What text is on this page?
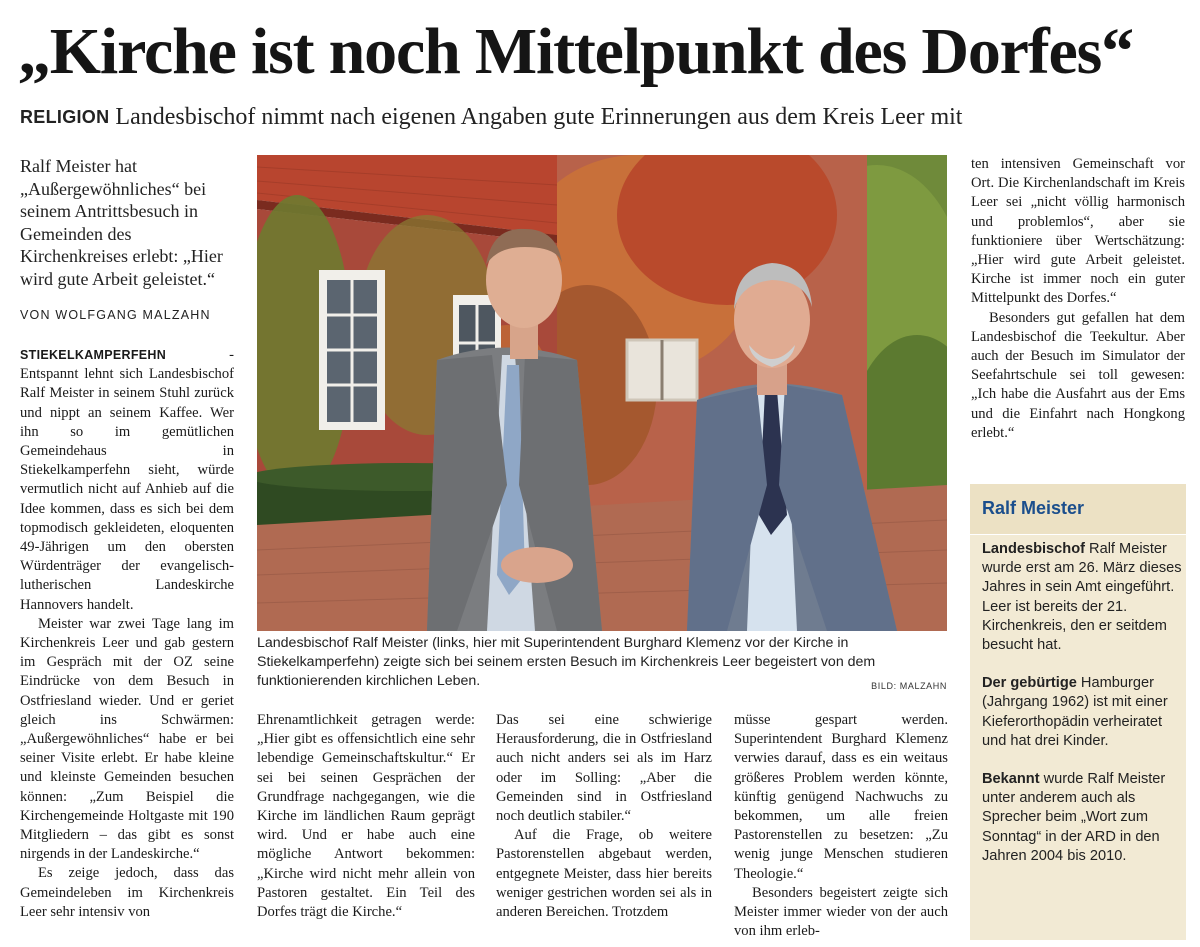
„Kirche ist noch Mittelpunkt des Dorfes“
RELIGION Landesbischof nimmt nach eigenen Angaben gute Erinnerungen aus dem Kreis Leer mit

Ralf Meister hat „Außergewöhnliches“ bei seinem Antrittsbesuch in Gemeinden des Kirchenkreises erlebt: „Hier wird gute Arbeit geleistet.“

VON WOLFGANG MALZAHN

STIEKELKAMPERFEHN - Entspannt lehnt sich Landesbischof Ralf Meister in seinem Stuhl zurück und nippt an seinem Kaffee. Wer ihn so im gemütlichen Gemeindehaus in Stiekelkamperfehn sieht, würde vermutlich nicht auf Anhieb auf die Idee kommen, dass es sich bei dem topmodisch gekleideten, eloquenten 49-Jährigen um den obersten Würdenträger der evangelisch-lutherischen Landeskirche Hannovers handelt.

Meister war zwei Tage lang im Kirchenkreis Leer und gab gestern im Gespräch mit der OZ seine Eindrücke von dem Besuch in Ostfriesland wieder. Und er geriet gleich ins Schwärmen: „Außergewöhnliches“ habe er bei seiner Visite erlebt. Er habe kleine und kleinste Gemeinden besuchen können: „Zum Beispiel die Kirchengemeinde Holtgaste mit 190 Mitgliedern – das gibt es sonst nirgends in der Landeskirche.“

Es zeige jedoch, dass das Gemeindeleben im Kirchenkreis Leer sehr intensiv von

Landesbischof Ralf Meister (links, hier mit Superintendent Burghard Klemenz vor der Kirche in Stiekelkamperfehn) zeigte sich bei seinem ersten Besuch im Kirchenkreis Leer begeistert von dem funktionierenden kirchlichen Leben.	BILD: MALZAHN

Ehrenamtlichkeit getragen werde: „Hier gibt es offensichtlich eine sehr lebendige Gemeinschaftskultur.“ Er sei bei seinen Gesprächen der Grundfrage nachgegangen, wie die Kirche im ländlichen Raum geprägt wird. Und er habe auch eine mögliche Antwort bekommen: „Kirche wird nicht mehr allein von Pastoren gestaltet. Ein Teil des Dorfes trägt die Kirche.“

Das sei eine schwierige Herausforderung, die in Ostfriesland auch nicht anders sei als im Harz oder im Solling: „Aber die Gemeinden sind in Ostfriesland noch deutlich stabiler.“

Auf die Frage, ob weitere Pastorenstellen abgebaut werden, entgegnete Meister, dass hier bereits weniger gestrichen worden sei als in anderen Bereichen. Trotzdem

müsse gespart werden. Superintendent Burghard Klemenz verwies darauf, dass es ein weitaus größeres Problem werden könnte, künftig genügend Nachwuchs zu bekommen, um alle freien Pastorenstellen zu besetzen: „Zu wenig junge Menschen studieren Theologie.“

Besonders begeistert zeigte sich Meister immer wieder von der auch von ihm erleb-

ten intensiven Gemeinschaft vor Ort. Die Kirchenlandschaft im Kreis Leer sei „nicht völlig harmonisch und problemlos“, aber sie funktioniere über Wertschätzung: „Hier wird gute Arbeit geleistet. Kirche ist immer noch ein guter Mittelpunkt des Dorfes.“

Besonders gut gefallen hat dem Landesbischof die Teekultur. Aber auch der Besuch im Simulator der Seefahrtschule sei toll gewesen: „Ich habe die Ausfahrt aus der Ems und die Einfahrt nach Hongkong erlebt.“

Ralf Meister

Landesbischof Ralf Meister wurde erst am 26. März dieses Jahres in sein Amt eingeführt. Leer ist bereits der 21. Kirchenkreis, den er seitdem besucht hat.

Der gebürtige Hamburger (Jahrgang 1962) ist mit einer Kieferorthopädin verheiratet und hat drei Kinder.

Bekannt wurde Ralf Meister unter anderem auch als Sprecher beim „Wort zum Sonntag“ in der ARD in den Jahren 2004 bis 2010.
